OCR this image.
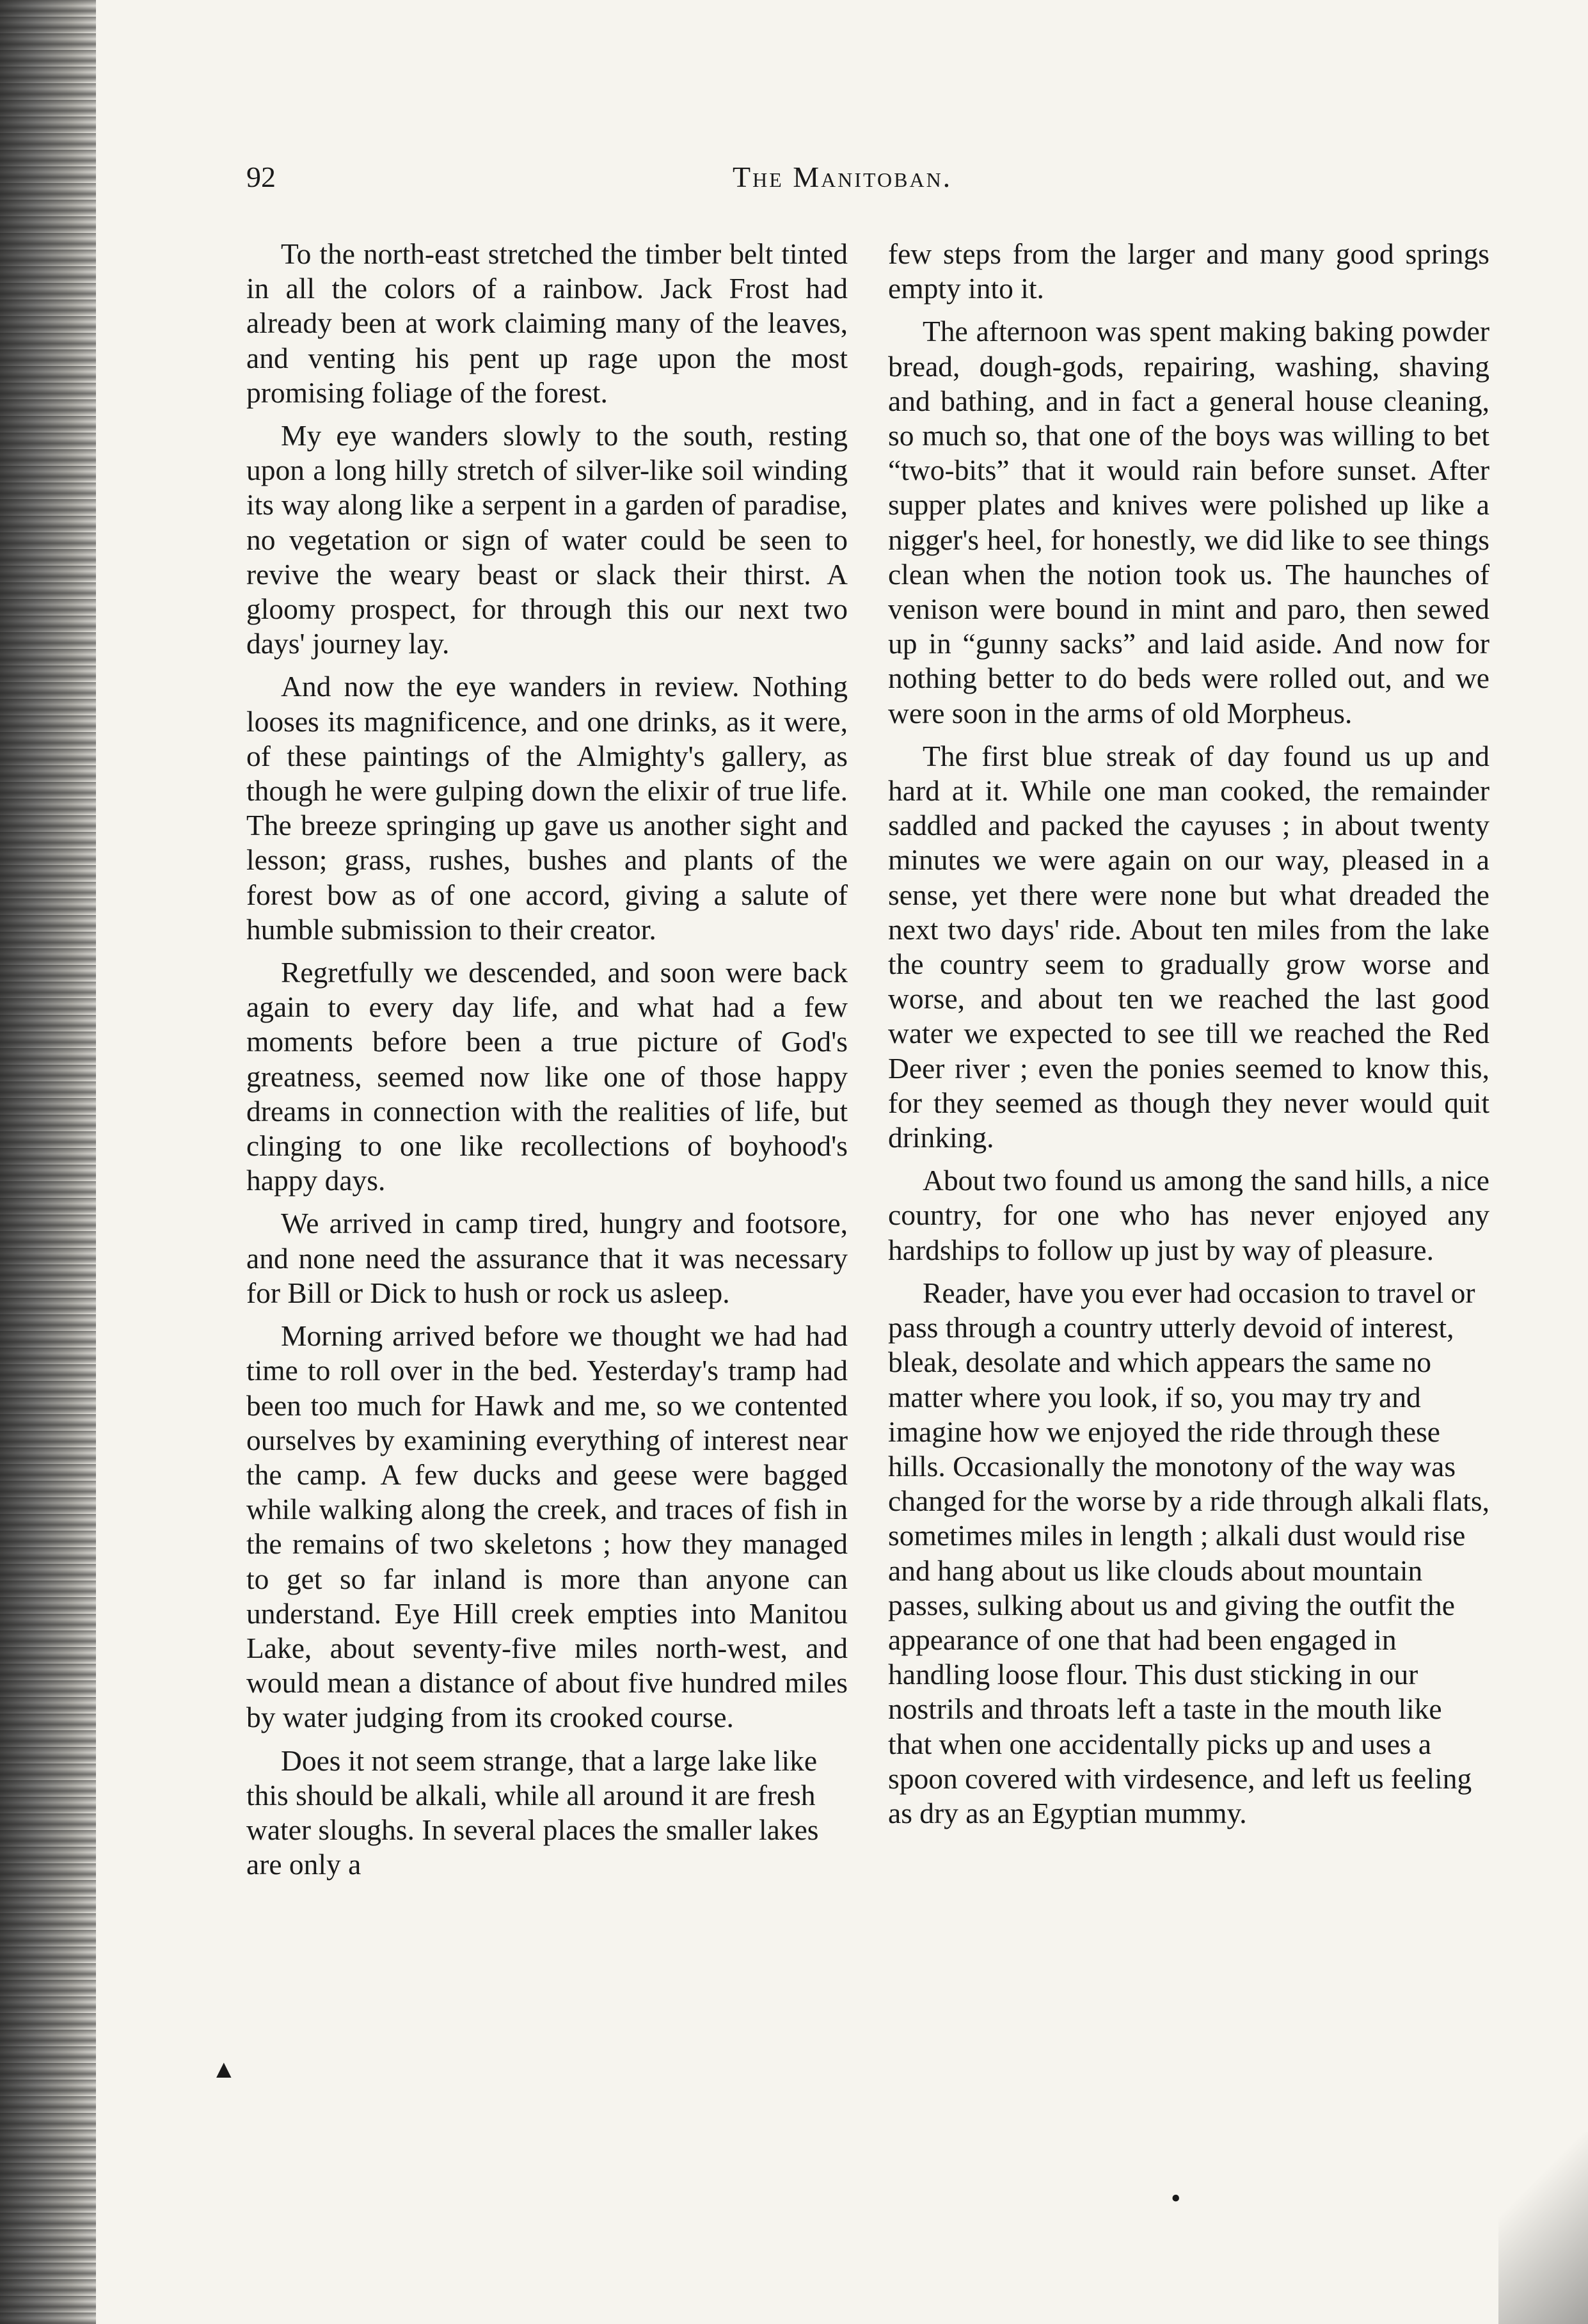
92	The Manitoban.

To the north-east stretched the timber belt tinted in all the colors of a rainbow. Jack Frost had already been at work claiming many of the leaves, and venting his pent up rage upon the most promising foliage of the forest.

My eye wanders slowly to the south, resting upon a long hilly stretch of silver-like soil winding its way along like a serpent in a garden of paradise, no vegetation or sign of water could be seen to revive the weary beast or slack their thirst. A gloomy prospect, for through this our next two days' journey lay.

And now the eye wanders in review. Nothing looses its magnificence, and one drinks, as it were, of these paintings of the Almighty's gallery, as though he were gulping down the elixir of true life. The breeze springing up gave us another sight and lesson; grass, rushes, bushes and plants of the forest bow as of one accord, giving a salute of humble submission to their creator.

Regretfully we descended, and soon were back again to every day life, and what had a few moments before been a true picture of God's greatness, seemed now like one of those happy dreams in connection with the realities of life, but clinging to one like recollections of boyhood's happy days.

We arrived in camp tired, hungry and footsore, and none need the assurance that it was necessary for Bill or Dick to hush or rock us asleep.

Morning arrived before we thought we had had time to roll over in the bed. Yesterday's tramp had been too much for Hawk and me, so we contented ourselves by examining everything of interest near the camp. A few ducks and geese were bagged while walking along the creek, and traces of fish in the remains of two skeletons ; how they managed to get so far inland is more than anyone can understand. Eye Hill creek empties into Manitou Lake, about seventy-five miles north-west, and would mean a distance of about five hundred miles by water judging from its crooked course.

Does it not seem strange, that a large lake like this should be alkali, while all around it are fresh water sloughs. In several places the smaller lakes are only a

few steps from the larger and many good springs empty into it.

The afternoon was spent making baking powder bread, dough-gods, repairing, washing, shaving and bathing, and in fact a general house cleaning, so much so, that one of the boys was willing to bet “two-bits” that it would rain before sunset. After supper plates and knives were polished up like a nigger's heel, for honestly, we did like to see things clean when the notion took us. The haunches of venison were bound in mint and paro, then sewed up in “gunny sacks” and laid aside. And now for nothing better to do beds were rolled out, and we were soon in the arms of old Morpheus.

The first blue streak of day found us up and hard at it. While one man cooked, the remainder saddled and packed the cayuses ; in about twenty minutes we were again on our way, pleased in a sense, yet there were none but what dreaded the next two days' ride. About ten miles from the lake the country seem to gradually grow worse and worse, and about ten we reached the last good water we expected to see till we reached the Red Deer river ; even the ponies seemed to know this, for they seemed as though they never would quit drinking.

About two found us among the sand hills, a nice country, for one who has never enjoyed any hardships to follow up just by way of pleasure.

Reader, have you ever had occasion to travel or pass through a country utterly devoid of interest, bleak, desolate and which appears the same no matter where you look, if so, you may try and imagine how we enjoyed the ride through these hills. Occasionally the monotony of the way was changed for the worse by a ride through alkali flats, sometimes miles in length ; alkali dust would rise and hang about us like clouds about mountain passes, sulking about us and giving the outfit the appearance of one that had been engaged in handling loose flour. This dust sticking in our nostrils and throats left a taste in the mouth like that when one accidentally picks up and uses a spoon covered with virdesence, and left us feeling as dry as an Egyptian mummy.

▲
•
